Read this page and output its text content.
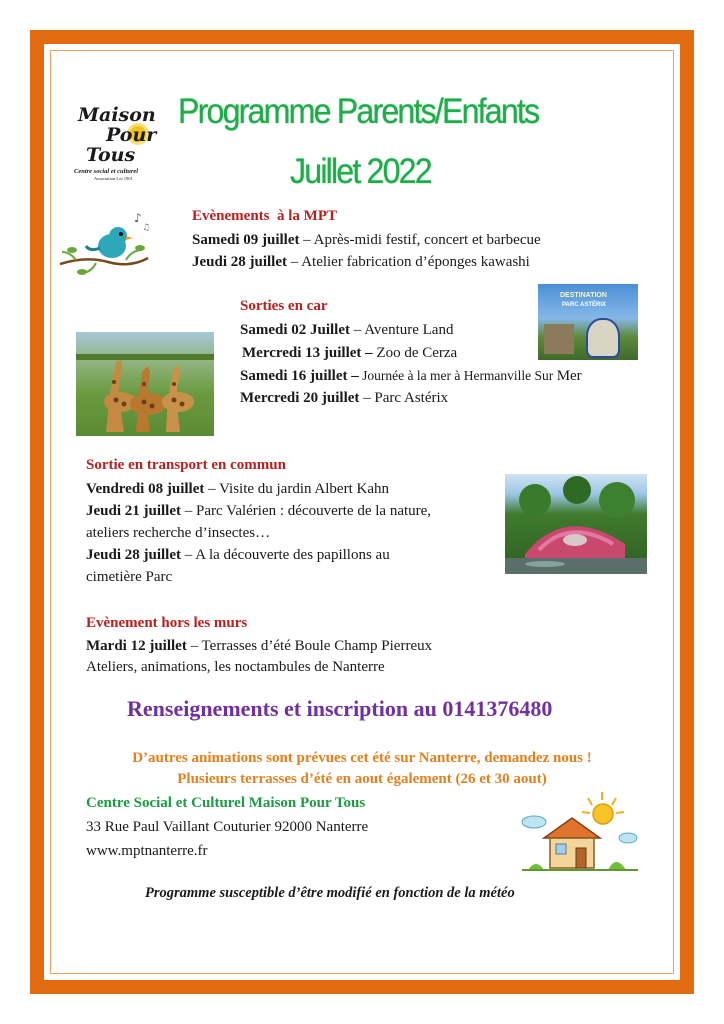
Maison
Pour
Tous
Centre social et culturel
Association Loi 1901
Programme Parents/Enfants
Juillet 2022
♪
♫
Evènements  à la MPT
Samedi 09 juillet – Après-midi festif, concert et barbecue
Jeudi 28 juillet – Atelier fabrication d’éponges kawashi
DESTINATION
PARC ASTÉRIX
Sorties en car
Samedi 02 Juillet – Aventure Land
Mercredi 13 juillet – Zoo de Cerza
Samedi 16 juillet – Journée à la mer à Hermanville Sur Mer
Mercredi 20 juillet – Parc Astérix
Sortie en transport en commun
Vendredi 08 juillet – Visite du jardin Albert Kahn
Jeudi 21 juillet – Parc Valérien : découverte de la nature,
ateliers recherche d’insectes…
Jeudi 28 juillet – A la découverte des papillons au
cimetière Parc
Evènement hors les murs
Mardi 12 juillet – Terrasses d’été Boule Champ Pierreux
Ateliers, animations, les noctambules de Nanterre
Renseignements et inscription au 0141376480
D’autres animations sont prévues cet été sur Nanterre, demandez nous !
Plusieurs terrasses d’été en aout également (26 et 30 aout)
Centre Social et Culturel Maison Pour Tous
33 Rue Paul Vaillant Couturier 92000 Nanterre
www.mptnanterre.fr
Programme susceptible d’être modifié en fonction de la météo
